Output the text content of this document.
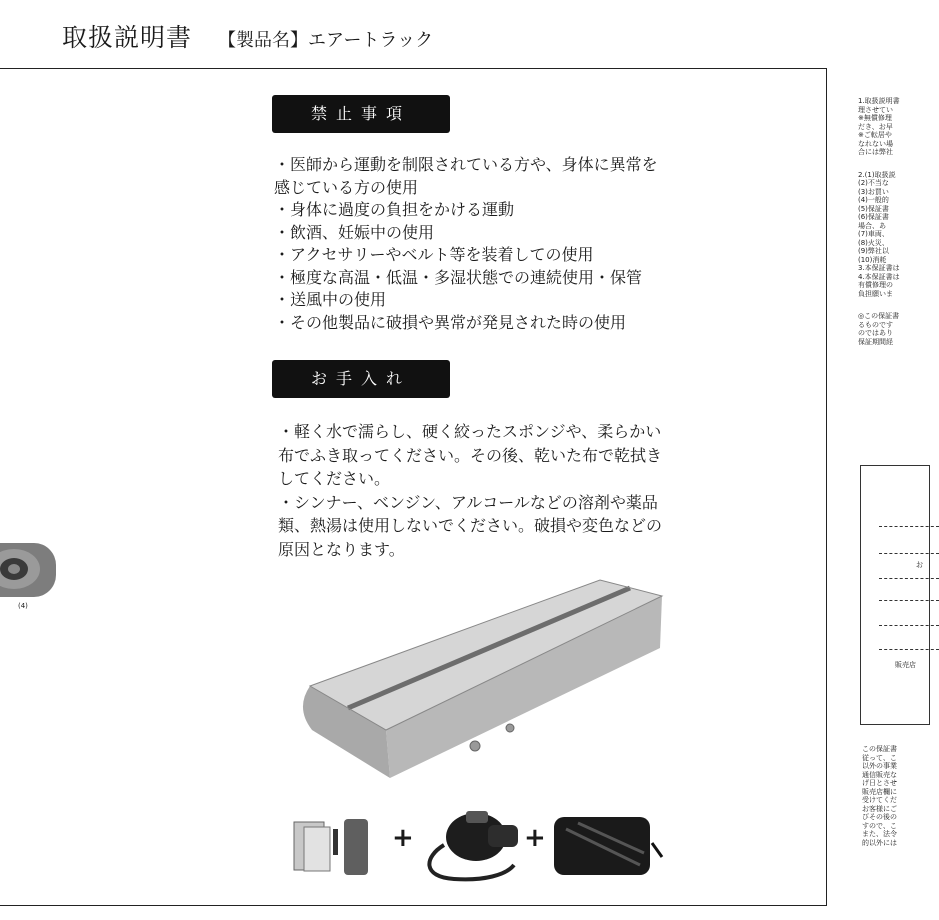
取扱説明書 【製品名】エアートラック
(4)
禁止事項
・医師から運動を制限されている方や、身体に異常を
感じている方の使用
・身体に過度の負担をかける運動
・飲酒、妊娠中の使用
・アクセサリーやベルト等を装着しての使用
・極度な高温・低温・多湿状態での連続使用・保管
・送風中の使用
・その他製品に破損や異常が発見された時の使用
お手入れ

・軽く水で濡らし、硬く絞ったスポンジや、柔らかい

布でふき取ってください。その後、乾いた布で乾拭き

してください。

・シンナー、ベンジン、アルコールなどの溶剤や薬品

類、熱湯は使用しないでください。破損や変色などの

原因となります。

+	+
1.取扱説明書
理させてい
※無償修理
だき、お早
※ご転居や
なれない場
合には弊社
2.(1)取扱説
(2)不当な
(3)お買い
(4)一般的
(5)保証書
(6)保証書
場合、あ
(7)車両、
(8)火災、
(9)弊社以
(10)消耗
3.本保証書は
4.本保証書は
有償修理の
負担願いま
◎この保証書
るものです
のではあり
保証期間経
お
販売店
この保証書
従って、こ
以外の事業
通信販売な
げ日とさせ
販売店欄に
受けてくだ
お客様にご
びその後の
すので、こ
また、法令
的以外には
